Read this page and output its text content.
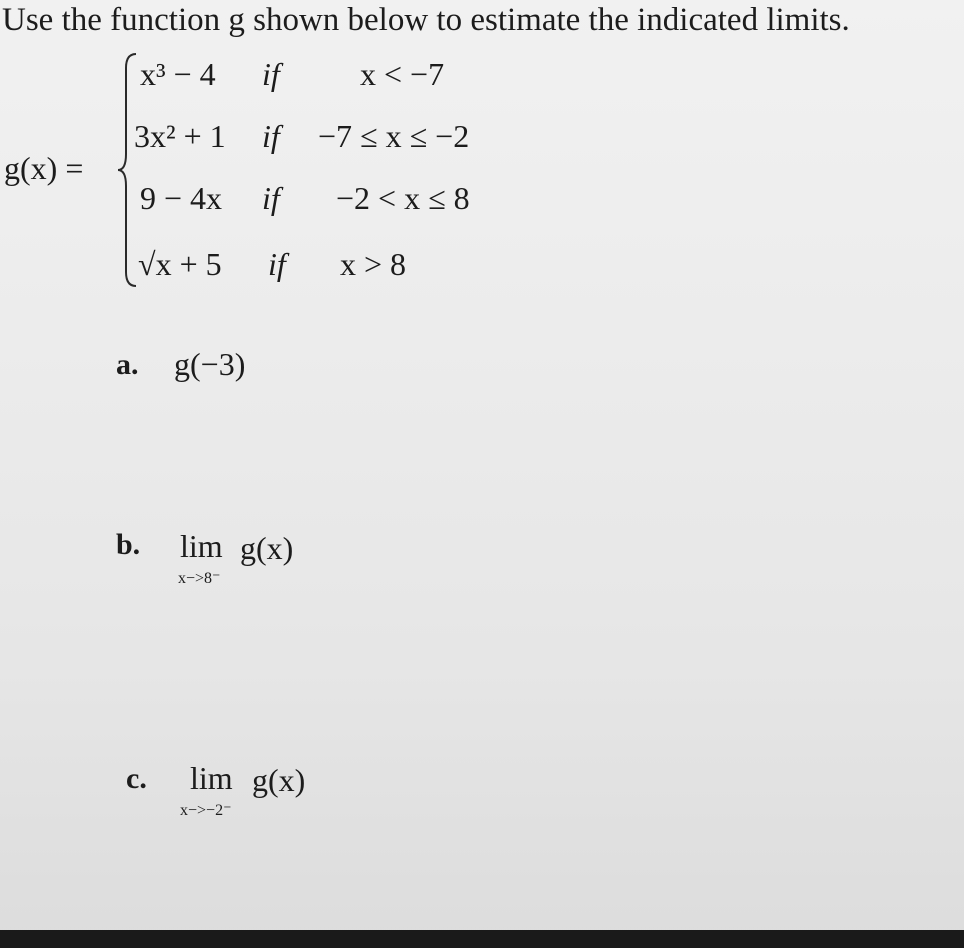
Use the function g shown below to estimate the indicated limits.
g(x) =
x³ − 4 if	x < −7
3x² + 1 if −7 ≤ x ≤ −2
9 − 4x if −2 < x ≤ 8
√x + 5 if x > 8
a. g(−3)
b. lim g(x)
x−>8⁻
c. lim g(x)
x−>−2⁻
